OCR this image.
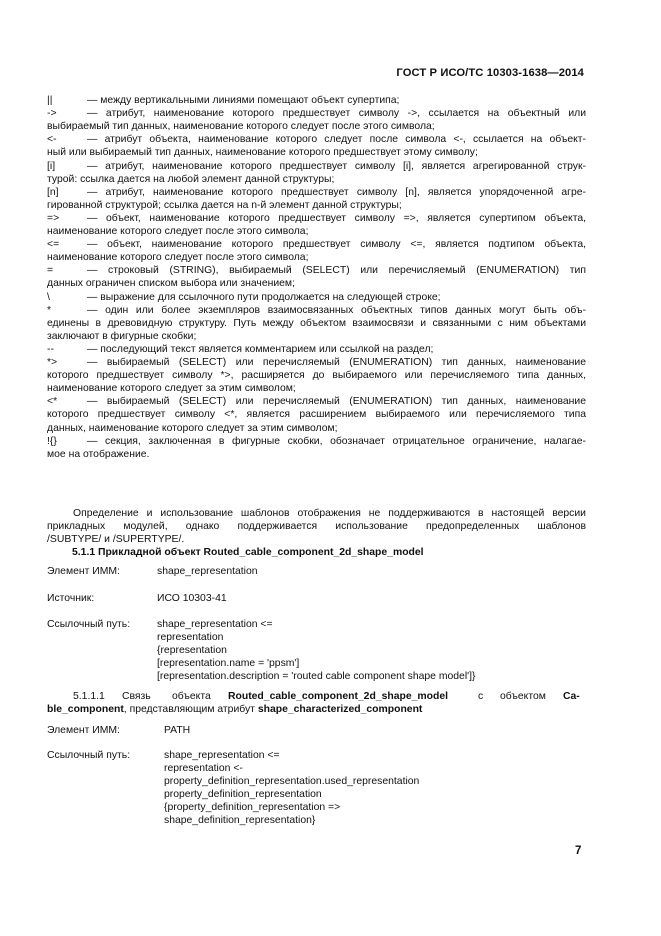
ГОСТ Р ИСО/ТС 10303-1638—2014
||	— между вертикальными линиями помещают объект супертипа;
->	— атрибут, наименование которого предшествует символу ->, ссылается на объектный или
выбираемый тип данных, наименование которого следует после этого символа;
<-	— атрибут объекта, наименование которого следует после символа <-, ссылается на объект-
ный или выбираемый тип данных, наименование которого предшествует этому символу;
[i]	— атрибут, наименование которого предшествует символу [i], является агрегированной струк-
турой: ссылка дается на любой элемент данной структуры;
[n]	— атрибут, наименование которого предшествует символу [n], является упорядоченной агре-
гированной структурой; ссылка дается на n-й элемент данной структуры;
=>	— объект, наименование которого предшествует символу =>, является супертипом объекта,
наименование которого следует после этого символа;
<=	— объект, наименование которого предшествует символу <=, является подтипом объекта,
наименование которого следует после этого символа;
=	— строковый (STRING), выбираемый (SELECT) или перечисляемый (ENUMERATION) тип
данных ограничен списком выбора или значением;
\	— выражение для ссылочного пути продолжается на следующей строке;
*	— один или более экземпляров взаимосвязанных объектных типов данных могут быть объ-
единены в древовидную структуру. Путь между объектом взаимосвязи и связанными с ним объектами
заключают в фигурные скобки;
--	— последующий текст является комментарием или ссылкой на раздел;
*>	— выбираемый (SELECT) или перечисляемый (ENUMERATION) тип данных, наименование
которого предшествует символу *>, расширяется до выбираемого или перечисляемого типа данных,
наименование которого следует за этим символом;
<*	— выбираемый (SELECT) или перечисляемый (ENUMERATION) тип данных, наименование
которого предшествует символу <*, является расширением выбираемого или перечисляемого типа
данных, наименование которого следует за этим символом;
!{}	— секция, заключенная в фигурные скобки, обозначает отрицательное ограничение, налагае-
мое на отображение.
Определение и использование шаблонов отображения не поддерживаются в настоящей версии
прикладных модулей, однако поддерживается использование предопределенных шаблонов
/SUBTYPE/ и /SUPERTYPE/.
5.1.1 Прикладной объект Routed_cable_component_2d_shape_model
Элемент ИММ:	shape_representation
Источник:	ИСО 10303-41
Ссылочный путь:	shape_representation <=
representation
{representation
[representation.name = 'ppsm']
[representation.description = 'routed cable component shape model']}
5.1.1.1 Связь объекта Routed_cable_component_2d_shape_model	с объектом Ca-
ble_component, представляющим атрибут shape_characterized_component
Элемент ИММ:	PATH
Ссылочный путь:	shape_representation <=
representation <-
property_definition_representation.used_representation
property_definition_representation
{property_definition_representation =>
shape_definition_representation}
7
